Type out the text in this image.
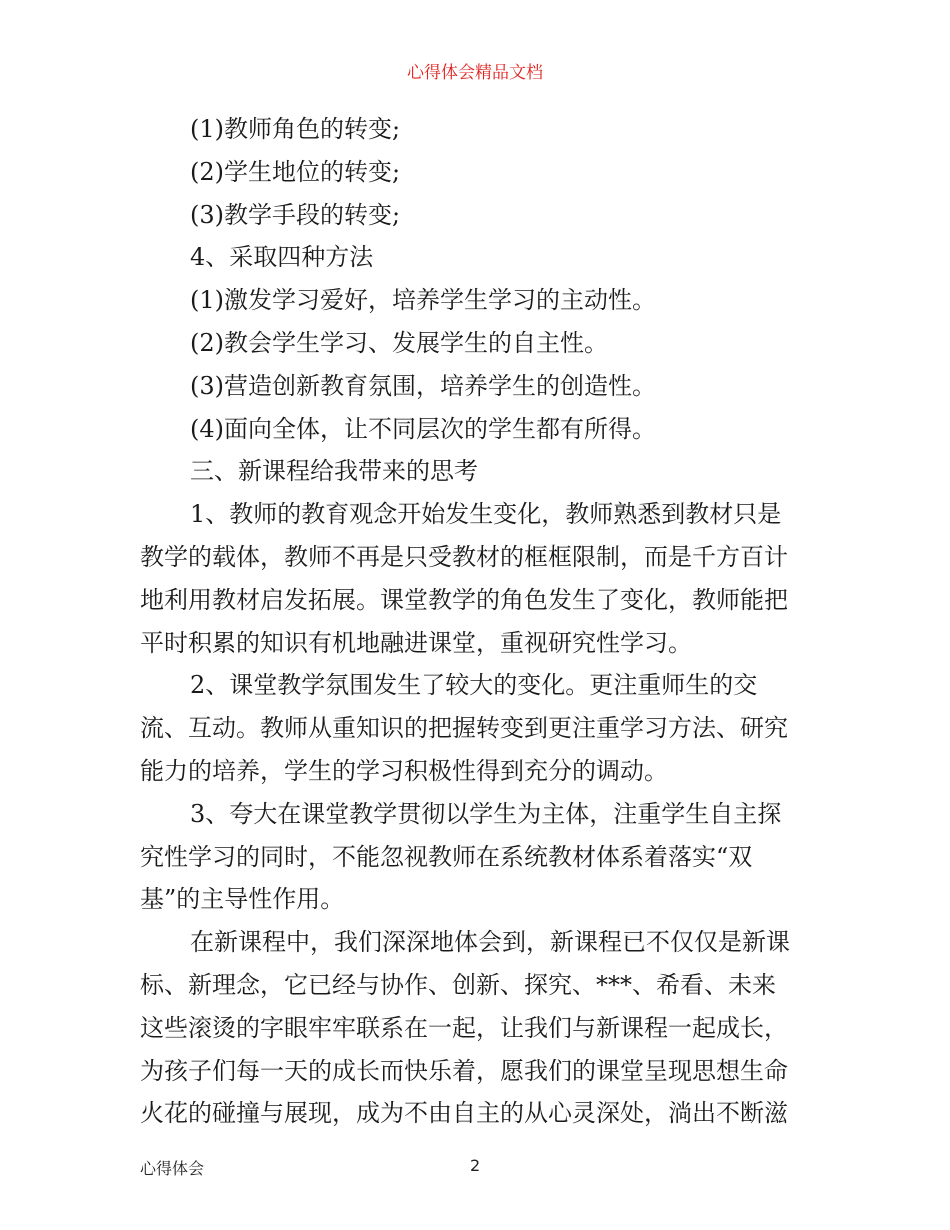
心得体会精品文档
(1)教师角色的转变;
(2)学生地位的转变;
(3)教学手段的转变;
4、采取四种方法
(1)激发学习爱好，培养学生学习的主动性。
(2)教会学生学习、发展学生的自主性。
(3)营造创新教育氛围，培养学生的创造性。
(4)面向全体，让不同层次的学生都有所得。
三、新课程给我带来的思考
1、教师的教育观念开始发生变化，教师熟悉到教材只是
教学的载体，教师不再是只受教材的框框限制，而是千方百计
地利用教材启发拓展。课堂教学的角色发生了变化，教师能把
平时积累的知识有机地融进课堂，重视研究性学习。
2、课堂教学氛围发生了较大的变化。更注重师生的交
流、互动。教师从重知识的把握转变到更注重学习方法、研究
能力的培养，学生的学习积极性得到充分的调动。
3、夸大在课堂教学贯彻以学生为主体，注重学生自主探
究性学习的同时，不能忽视教师在系统教材体系着落实“双
基”的主导性作用。
在新课程中，我们深深地体会到，新课程已不仅仅是新课
标、新理念，它已经与协作、创新、探究、***、希看、未来
这些滚烫的字眼牢牢联系在一起，让我们与新课程一起成长，
为孩子们每一天的成长而快乐着，愿我们的课堂呈现思想生命
火花的碰撞与展现，成为不由自主的从心灵深处，淌出不断滋
心得体会	2
